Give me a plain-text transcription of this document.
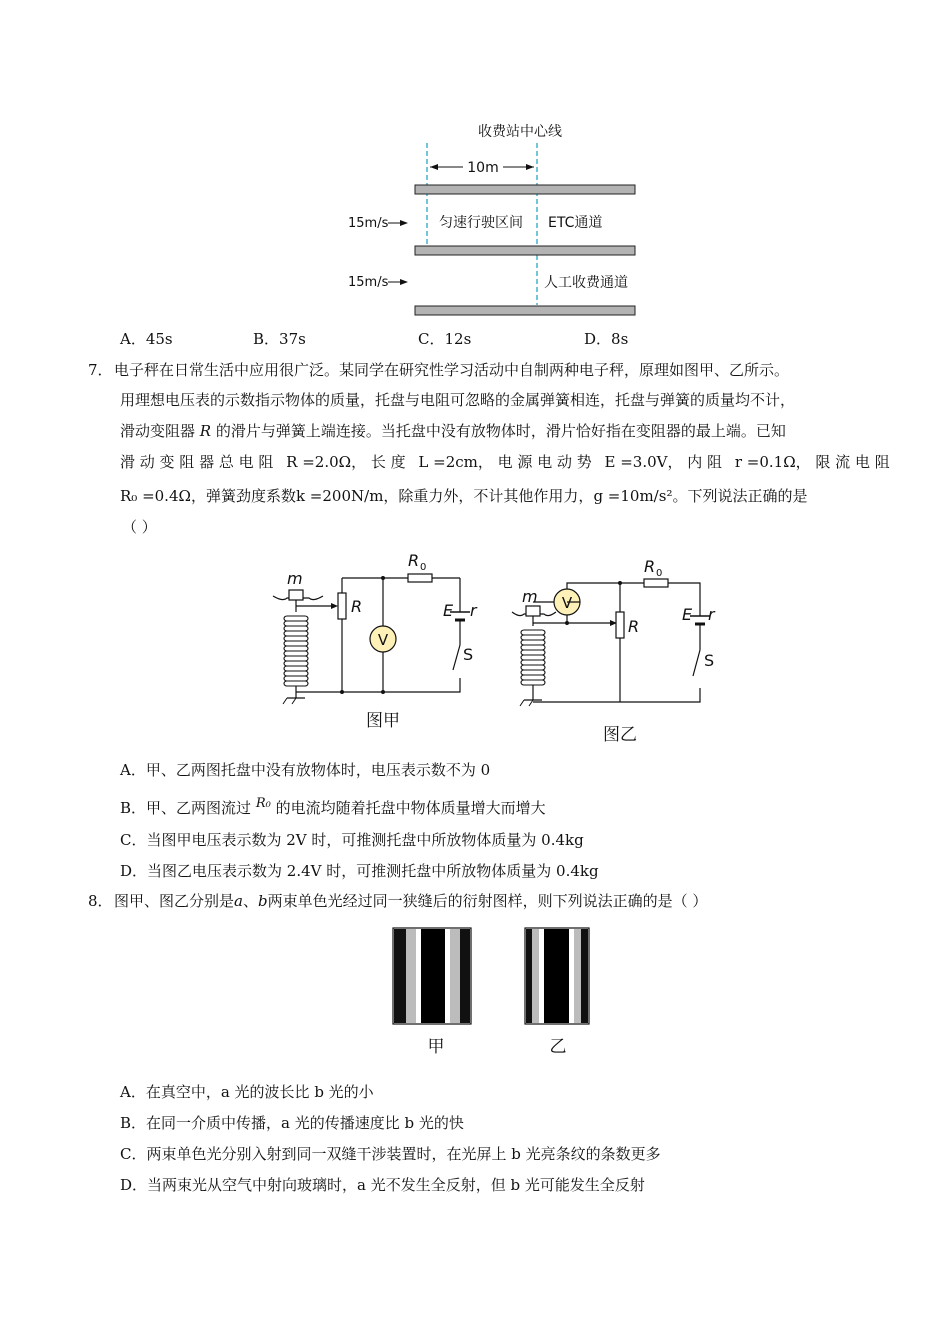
收费站中心线
10m
15m/s
15m/s
匀速行驶区间 ETC通道
人工收费通道
A．45s	B．37s	C．12s	D．8s
7． 电子秤在日常生活中应用很广泛。某同学在研究性学习活动中自制两种电子秤，原理如图甲、乙所示。
用理想电压表的示数指示物体的质量，托盘与电阻可忽略的金属弹簧相连，托盘与弹簧的质量均不计，
滑动变阻器 R 的滑片与弹簧上端连接。当托盘中没有放物体时，滑片恰好指在变阻器的最上端。已知
滑 动 变 阻 器 总 电 阻 R =2.0Ω， 长 度 L =2cm， 电 源 电 动 势 E =3.0V， 内 阻 r =0.1Ω， 限 流 电 阻
R₀ =0.4Ω，弹簧劲度系数k =200N/m，除重力外，不计其他作用力，g =10m/s²。下列说法正确的是
（ ）
m
R
R 0
V
E r
S
图甲
m V
R 0
R
E r
S
图乙
A．甲、乙两图托盘中没有放物体时，电压表示数不为 0
B．甲、乙两图流过 R₀ 的电流均随着托盘中物体质量增大而增大
C．当图甲电压表示数为 2V 时，可推测托盘中所放物体质量为 0.4kg
D．当图乙电压表示数为 2.4V 时，可推测托盘中所放物体质量为 0.4kg
8． 图甲、图乙分别是a、b两束单色光经过同一狭缝后的衍射图样，则下列说法正确的是（ ）
甲	乙
A．在真空中，a 光的波长比 b 光的小
B．在同一介质中传播，a 光的传播速度比 b 光的快
C．两束单色光分别入射到同一双缝干涉装置时，在光屏上 b 光亮条纹的条数更多
D．当两束光从空气中射向玻璃时，a 光不发生全反射，但 b 光可能发生全反射
